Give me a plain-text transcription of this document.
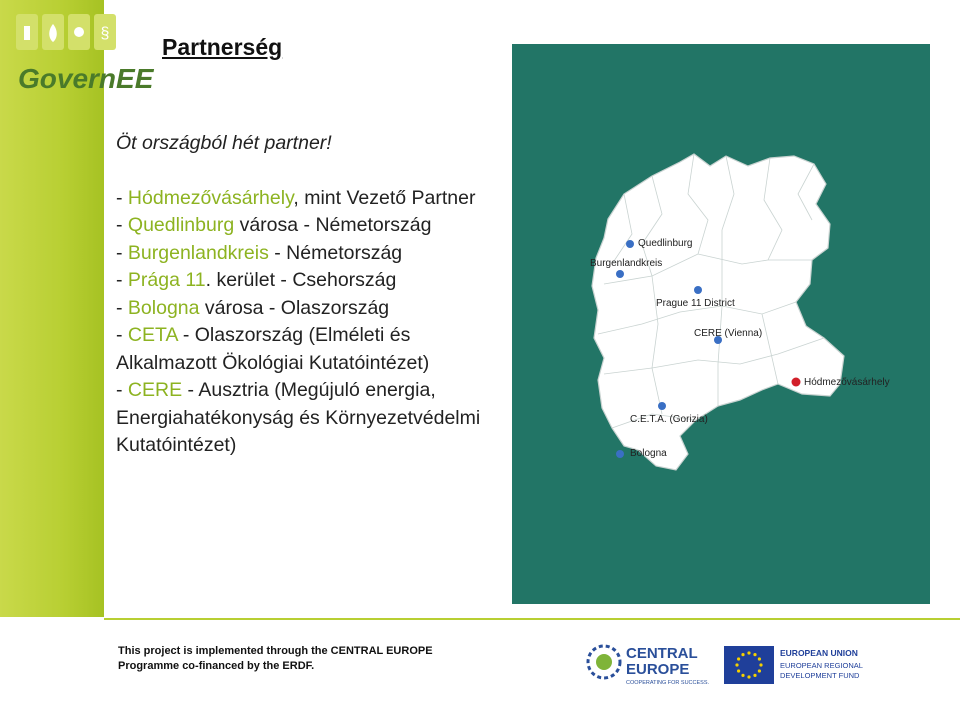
§
GovernEE
Partnerség

Öt országból hét partner!

- Hódmezővásárhely, mint Vezető Partner

- Quedlinburg városa - Németország

- Burgenlandkreis - Németország

- Prága 11. kerület - Csehország

- Bologna városa - Olaszország

- CETA - Olaszország (Elméleti és Alkalmazott Ökológiai Kutatóintézet)

- CERE - Ausztria (Megújuló energia, Energiahatékonyság és Környezetvédelmi Kutatóintézet)

Quedlinburg
Burgenlandkreis
Prague 11 District
CERE (Vienna)
Hódmezővásárhely
C.E.T.A. (Gorizia)
Bologna

This project is implemented through the CENTRAL EUROPE

Programme co-financed by the ERDF.

CENTRAL
EUROPE
COOPERATING FOR SUCCESS.
EUROPEAN UNION
EUROPEAN REGIONAL
DEVELOPMENT FUND
